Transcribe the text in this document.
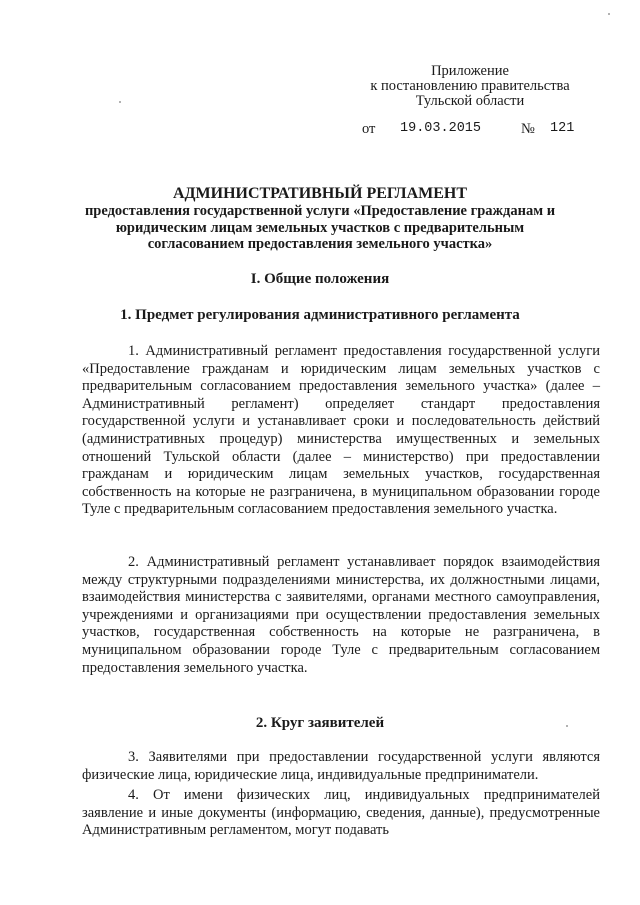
Приложение
к постановлению правительства
Тульской области
от 19.03.2015	№ 121
АДМИНИСТРАТИВНЫЙ РЕГЛАМЕНТ
предоставления государственной услуги «Предоставление гражданам и юридическим лицам земельных участков с предварительным согласованием предоставления земельного участка»
I. Общие положения
1. Предмет регулирования административного регламента
1. Административный регламент предоставления государственной услуги «Предоставление гражданам и юридическим лицам земельных участков с предварительным согласованием предоставления земельного участка» (далее – Административный регламент) определяет стандарт предоставления государственной услуги и устанавливает сроки и последовательность действий (административных процедур) министерства имущественных и земельных отношений Тульской области (далее – министерство) при предоставлении гражданам и юридическим лицам земельных участков, государственная собственность на которые не разграничена, в муниципальном образовании городе Туле с предварительным согласованием предоставления земельного участка.
2. Административный регламент устанавливает порядок взаимодействия между структурными подразделениями министерства, их должностными лицами, взаимодействия министерства с заявителями, органами местного самоуправления, учреждениями и организациями при осуществлении предоставления земельных участков, государственная собственность на которые не разграничена, в муниципальном образовании городе Туле с предварительным согласованием предоставления земельного участка.
2. Круг заявителей
3. Заявителями при предоставлении государственной услуги являются физические лица, юридические лица, индивидуальные предприниматели.
4. От имени физических лиц, индивидуальных предпринимателей заявление и иные документы (информацию, сведения, данные), предусмотренные Административным регламентом, могут подавать
